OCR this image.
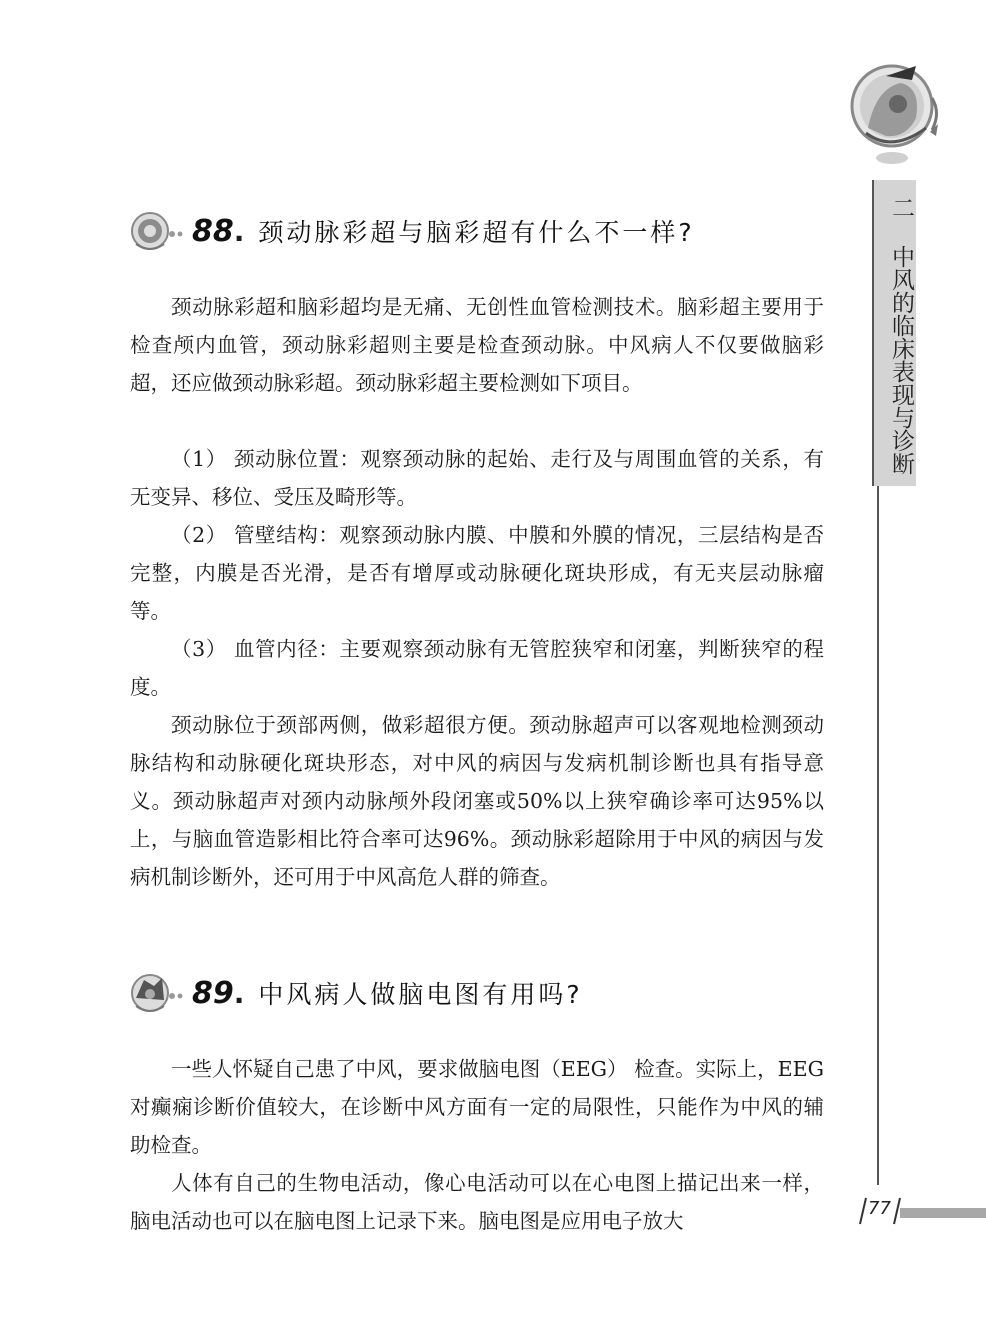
二 中风的临床表现与诊断
88 . 颈动脉彩超与脑彩超有什么不一样?

颈动脉彩超和脑彩超均是无痛、无创性血管检测技术。脑彩超主要用于检查颅内血管，颈动脉彩超则主要是检查颈动脉。中风病人不仅要做脑彩超，还应做颈动脉彩超。颈动脉彩超主要检测如下项目。

（1） 颈动脉位置：观察颈动脉的起始、走行及与周围血管的关系，有无变异、移位、受压及畸形等。

（2） 管壁结构：观察颈动脉内膜、中膜和外膜的情况，三层结构是否完整，内膜是否光滑，是否有增厚或动脉硬化斑块形成，有无夹层动脉瘤等。

（3） 血管内径：主要观察颈动脉有无管腔狭窄和闭塞，判断狭窄的程度。

颈动脉位于颈部两侧，做彩超很方便。颈动脉超声可以客观地检测颈动脉结构和动脉硬化斑块形态，对中风的病因与发病机制诊断也具有指导意义。颈动脉超声对颈内动脉颅外段闭塞或50%以上狭窄确诊率可达95%以上，与脑血管造影相比符合率可达96%。颈动脉彩超除用于中风的病因与发病机制诊断外，还可用于中风高危人群的筛查。

89 . 中风病人做脑电图有用吗?

一些人怀疑自己患了中风，要求做脑电图（EEG） 检查。实际上，EEG 对癫痫诊断价值较大，在诊断中风方面有一定的局限性，只能作为中风的辅助检查。

人体有自己的生物电活动，像心电活动可以在心电图上描记出来一样，脑电活动也可以在脑电图上记录下来。脑电图是应用电子放大

77
